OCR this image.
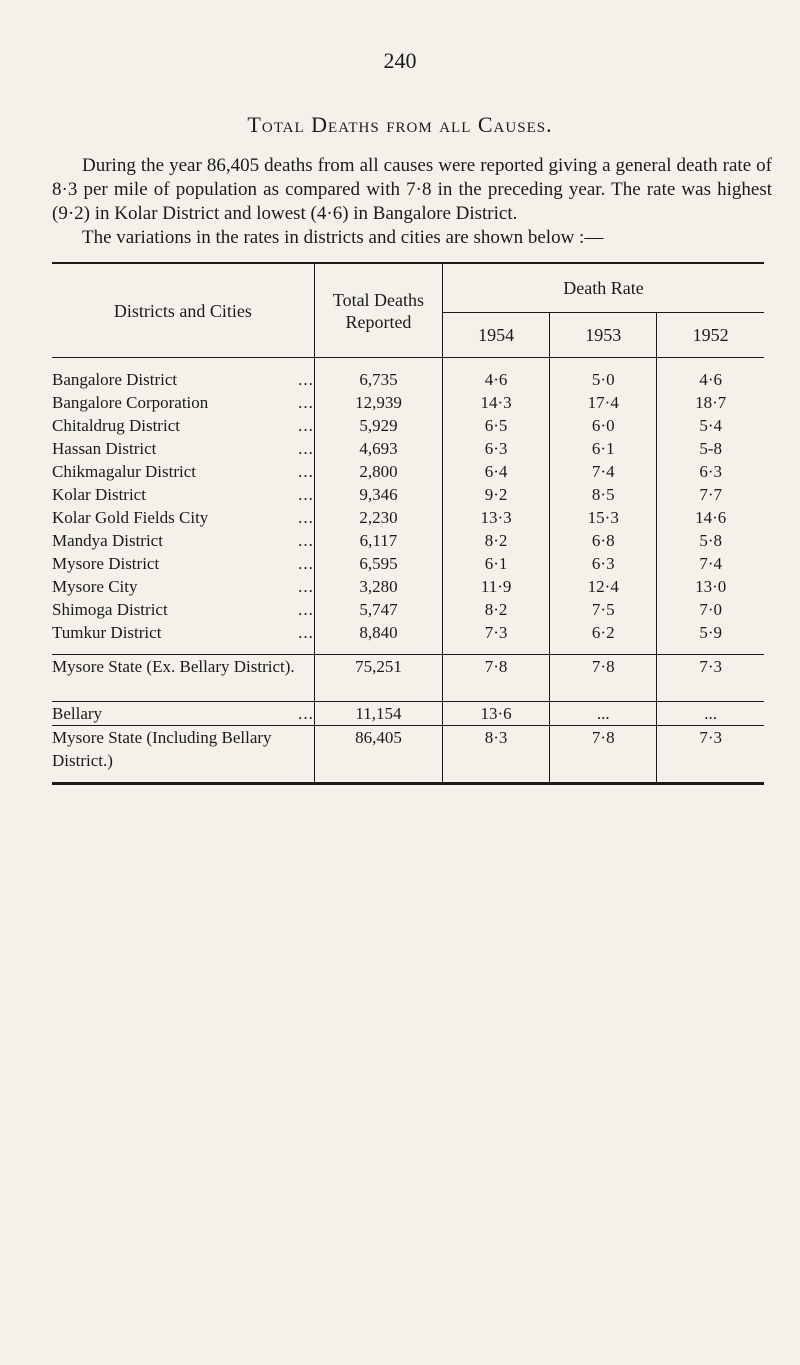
240
Total Deaths from all Causes.

During the year 86,405 deaths from all causes were reported giving a general death rate of 8·3 per mile of population as compared with 7·8 in the preceding year. The rate was highest (9·2) in Kolar District and lowest (4·6) in Bangalore District.

The variations in the rates in districts and cities are shown below :—

Districts and Cities	Total Deaths Reported	Death Rate		
		1954	1953	1952

...
Bangalore District	6,735	4·6	5·0	4·6

...
Bangalore Corporation	12,939	14·3	17·4	18·7

...
Chitaldrug District	5,929	6·5	6·0	5·4

...
Hassan District	4,693	6·3	6·1	5-8

...
Chikmagalur District	2,800	6·4	7·4	6·3

...
Kolar District	9,346	9·2	8·5	7·7

...
Kolar Gold Fields City	2,230	13·3	15·3	14·6

...
Mandya District	6,117	8·2	6·8	5·8

...
Mysore District	6,595	6·1	6·3	7·4

...
Mysore City	3,280	11·9	12·4	13·0

...
Shimoga District	5,747	8·2	7·5	7·0

...
Tumkur District	8,840	7·3	6·2	5·9

Mysore State (Ex. Bellary District).	75,251	7·8	7·8	7·3

...
Bellary	11,154	13·6	...	...
Mysore State (Including Bellary District.)	86,405	8·3	7·8	7·3
